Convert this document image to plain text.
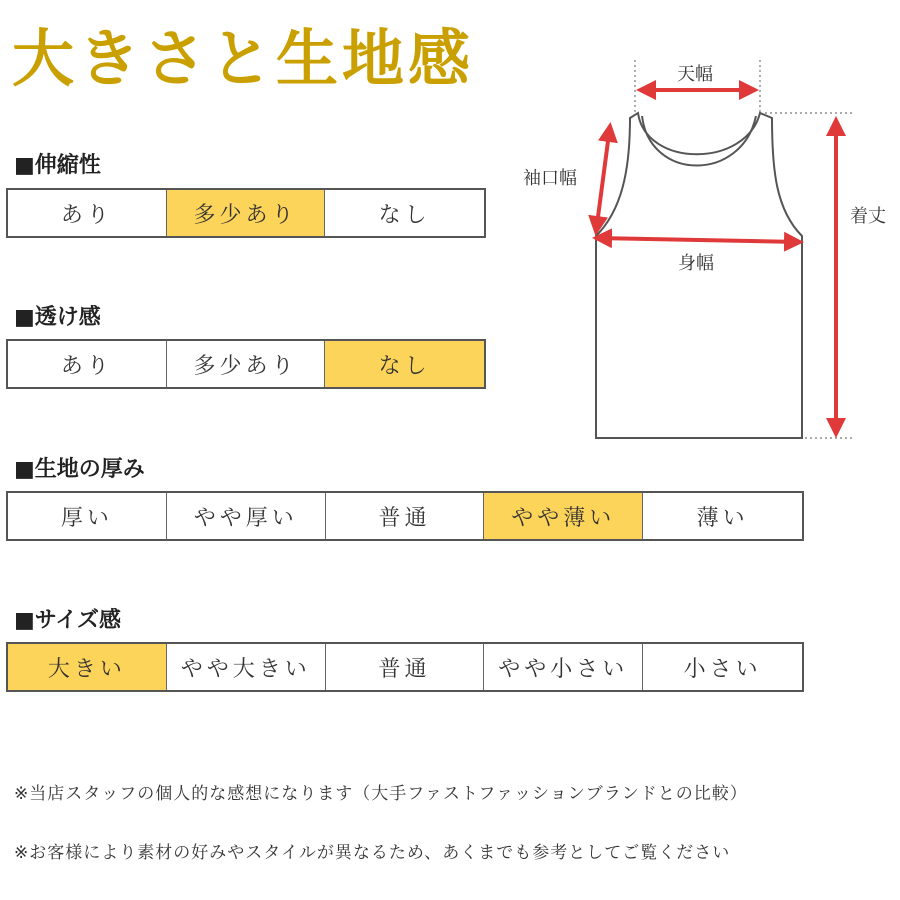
大きさと生地感
■伸縮性
あり	多少あり	なし
■透け感
あり	多少あり	なし
■生地の厚み
厚い	やや厚い	普通	やや薄い	薄い
■サイズ感
大きい	やや大きい	普通	やや小さい	小さい
天幅
袖口幅
身幅
着丈
※当店スタッフの個人的な感想になります（大手ファストファッションブランドとの比較）
※お客様により素材の好みやスタイルが異なるため、あくまでも参考としてご覧ください
